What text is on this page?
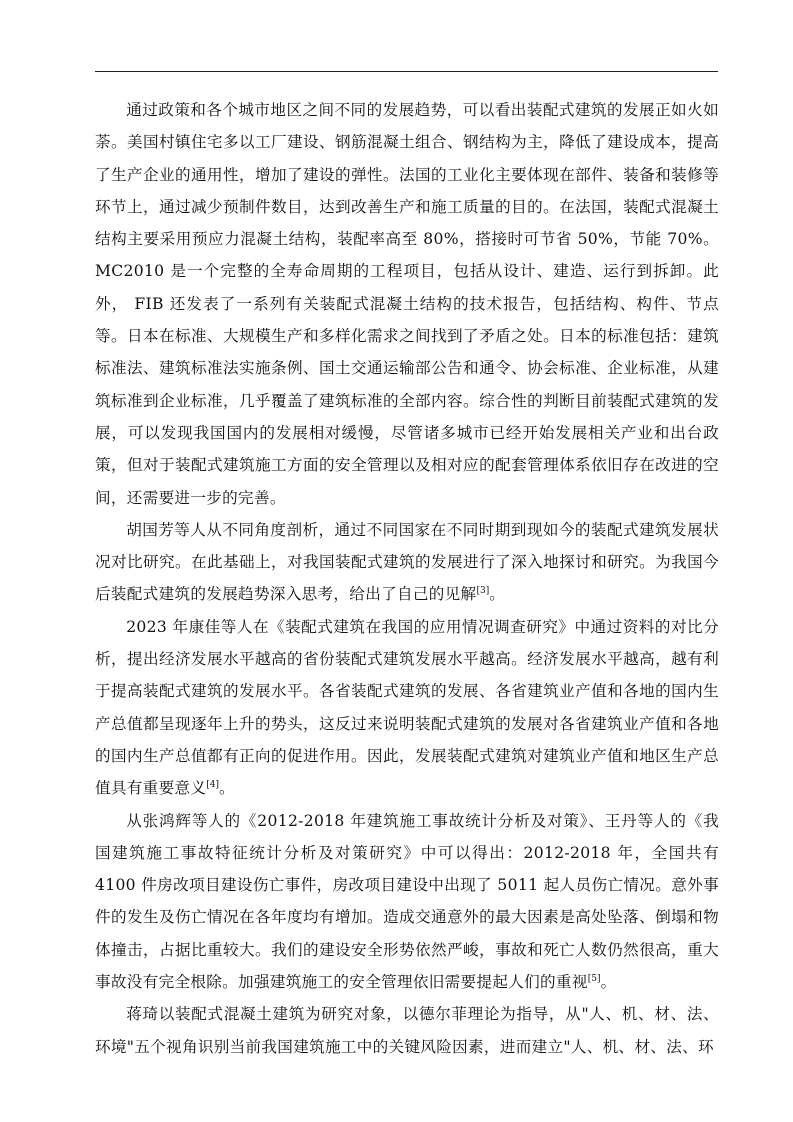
通过政策和各个城市地区之间不同的发展趋势，可以看出装配式建筑的发展正如火如荼。美国村镇住宅多以工厂建设、钢筋混凝土组合、钢结构为主，降低了建设成本，提高了生产企业的通用性，增加了建设的弹性。法国的工业化主要体现在部件、装备和装修等环节上，通过减少预制件数目，达到改善生产和施工质量的目的。在法国，装配式混凝土结构主要采用预应力混凝土结构，装配率高至 80%，搭接时可节省 50%，节能 70%。MC2010 是一个完整的全寿命周期的工程项目，包括从设计、建造、运行到拆卸。此外， FIB 还发表了一系列有关装配式混凝土结构的技术报告，包括结构、构件、节点等。日本在标准、大规模生产和多样化需求之间找到了矛盾之处。日本的标准包括：建筑标准法、建筑标准法实施条例、国土交通运输部公告和通令、协会标准、企业标准，从建筑标准到企业标准，几乎覆盖了建筑标准的全部内容。综合性的判断目前装配式建筑的发展，可以发现我国国内的发展相对缓慢，尽管诸多城市已经开始发展相关产业和出台政策，但对于装配式建筑施工方面的安全管理以及相对应的配套管理体系依旧存在改进的空间，还需要进一步的完善。

胡国芳等人从不同角度剖析，通过不同国家在不同时期到现如今的装配式建筑发展状况对比研究。在此基础上，对我国装配式建筑的发展进行了深入地探讨和研究。为我国今后装配式建筑的发展趋势深入思考，给出了自己的见解[3]。

2023 年康佳等人在《装配式建筑在我国的应用情况调查研究》中通过资料的对比分析，提出经济发展水平越高的省份装配式建筑发展水平越高。经济发展水平越高，越有利于提高装配式建筑的发展水平。各省装配式建筑的发展、各省建筑业产值和各地的国内生产总值都呈现逐年上升的势头，这反过来说明装配式建筑的发展对各省建筑业产值和各地的国内生产总值都有正向的促进作用。因此，发展装配式建筑对建筑业产值和地区生产总值具有重要意义[4]。

从张鸿辉等人的《2012-2018 年建筑施工事故统计分析及对策》、王丹等人的《我国建筑施工事故特征统计分析及对策研究》中可以得出：2012-2018 年，全国共有 4100 件房改项目建设伤亡事件，房改项目建设中出现了 5011 起人员伤亡情况。意外事件的发生及伤亡情况在各年度均有增加。造成交通意外的最大因素是高处坠落、倒塌和物体撞击，占据比重较大。我们的建设安全形势依然严峻，事故和死亡人数仍然很高，重大事故没有完全根除。加强建筑施工的安全管理依旧需要提起人们的重视[5]。

蒋琦以装配式混凝土建筑为研究对象，以德尔菲理论为指导，从"人、机、材、法、环境"五个视角识别当前我国建筑施工中的关键风险因素，进而建立"人、机、材、法、环
